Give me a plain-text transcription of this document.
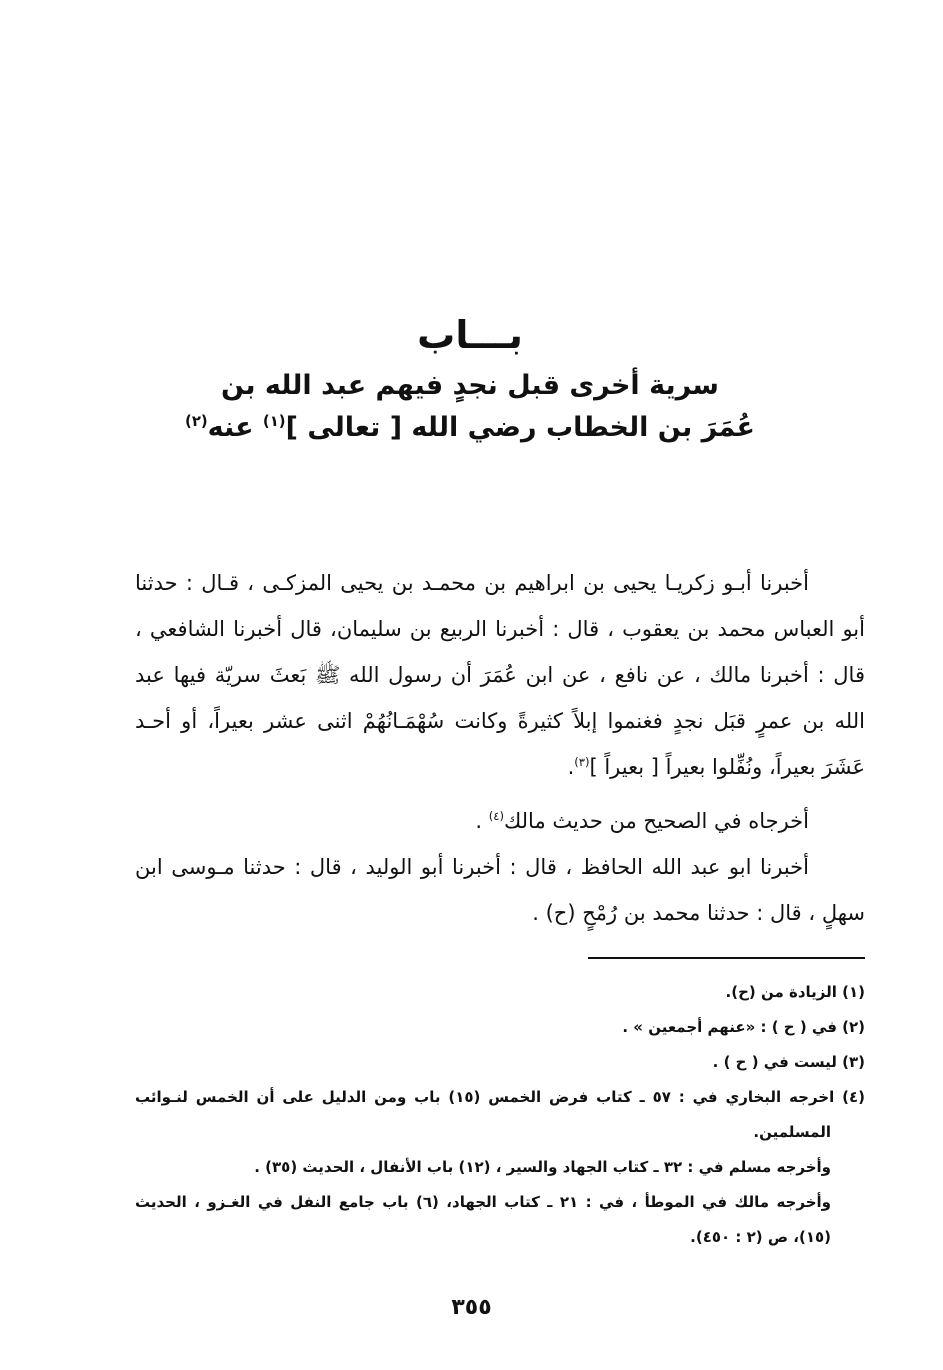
بـــاب

سرية أخرى قبل نجدٍ فيهم عبد الله بن

عُمَرَ بن الخطاب رضي الله [ تعالى ]$^{(١)}$ عنه$^{(٢)}$

أخبرنا أبـو زكريـا يحيى بن ابراهيم بن محمـد بن يحيى المزكـى ، قـال : حدثنا أبو العباس محمد بن يعقوب ، قال : أخبرنا الربيع بن سليمان، قال أخبرنا الشافعي ، قال : أخبرنا مالك ، عن نافع ، عن ابن عُمَرَ أن رسول الله ﷺ بَعثَ سريّة فيها عبد الله بن عمرٍ قبَل نجدٍ فغنموا إبلاً كثيرةً وكانت سُهْمَـانُهُمْ اثنى عشر بعيراً، أو أحـد عَشَرَ بعيراً، ونُفِّلوا بعيراً [ بعيراً ]$^{(٣)}$.

أخرجاه في الصحيح من حديث مالك$^{(٤)}$ .

أخبرنا ابو عبد الله الحافظ ، قال : أخبرنا أبو الوليد ، قال : حدثنا مـوسى ابن سهلٍ ، قال : حدثنا محمد بن رُمْحٍ (ح) .

(١) الزيادة من (ح).

(٢) في ( ح ) : «عنهم أجمعين » .

(٣) ليست في ( ح ) .

(٤) اخرجه البخاري في : ٥٧ ـ كتاب فرض الخمس (١٥) باب ومن الدليل على أن الخمس لنـوائب المسلمين.

وأخرجه مسلم في : ٣٢ ـ كتاب الجهاد والسير ، (١٢) باب الأنفال ، الحديث (٣٥) .

وأخرجه مالك في الموطأ ، في : ٢١ ـ كتاب الجهاد، (٦) باب جامع النفل في الغـزو ، الحديث (١٥)، ص (٢ : ٤٥٠).

٣٥٥
